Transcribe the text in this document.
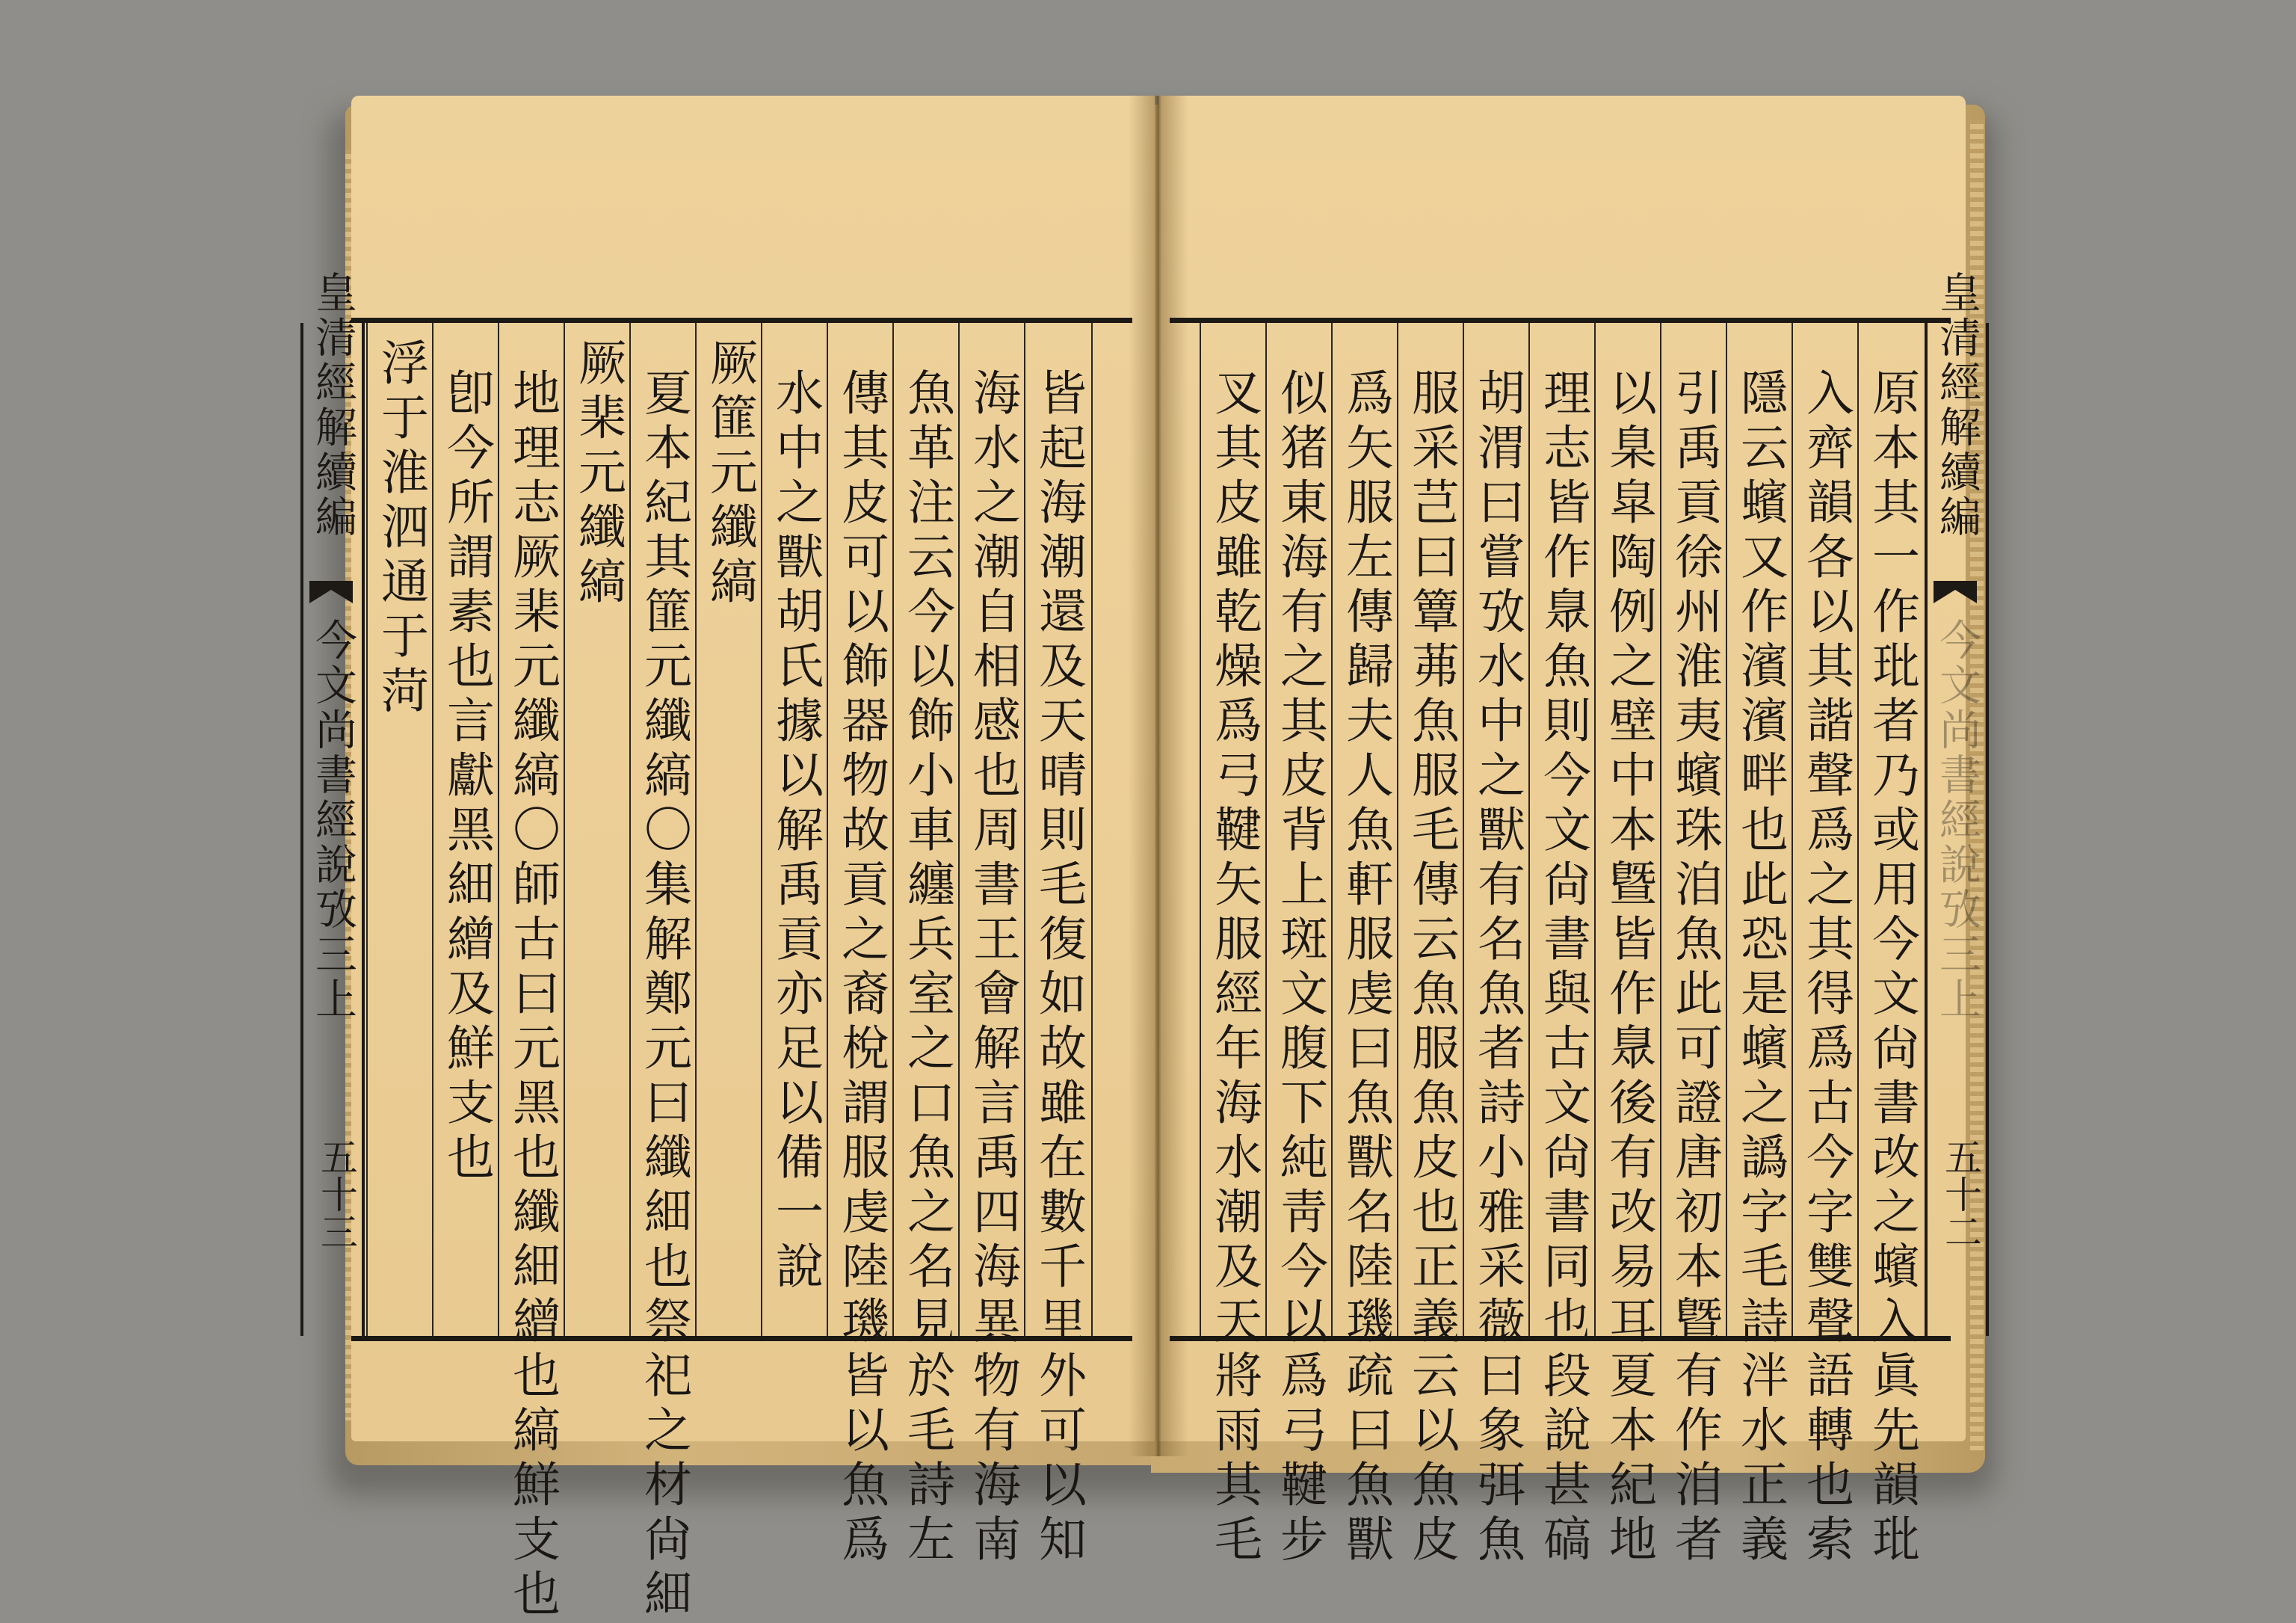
浮于淮泗通于菏 卽今所謂素也言獻黑細繒及鮮支也 地理志厥棐元纖縞〇師古曰元黑也纖細繒也縞鮮支也 厥棐元纖縞 夏本紀其篚元纖縞〇集解鄭元曰纖細也祭祀之材尙細 厥篚元纖縞 水中之獸胡氏據以解禹貢亦足以備一說 傳其皮可以飾器物故貢之裔梲謂服虔陸璣皆以魚爲 魚革注云今以飾小車纏兵室之口魚之名見於毛詩左 海水之潮自相感也周書王會解言禹四海異物有海南 皆起海潮還及天晴則毛復如故雖在數千里外可以知
皇清經解續編
今文尚書經說攷三上
五十三	叉其皮雖乾燥爲弓鞬矢服經年海水潮及天將雨其毛 似猪東海有之其皮背上斑文腹下純靑今以爲弓鞬步 爲矢服左傳歸夫人魚軒服虔曰魚獸名陸璣疏曰魚獸 服采芑曰簟茀魚服毛傳云魚服魚皮也正義云以魚皮 胡渭曰嘗攷水中之獸有名魚者詩小雅采薇曰象弭魚 理志皆作臮魚則今文尙書與古文尙書同也段說甚碻 以臬皐陶例之壁中本曁皆作臮後有改易耳夏本紀地 引禹貢徐州淮夷蠙珠洎魚此可證唐初本曁有作洎者 隱云蠙又作濱濱畔也此恐是蠙之譌字毛詩泮水正義 入齊韻各以其諧聲爲之其得爲古今字雙聲語轉也索 原本其一作玭者乃或用今文尙書改之蠙入眞先韻玭 皇清經解續編
今文尚書經說攷三上
五十二
